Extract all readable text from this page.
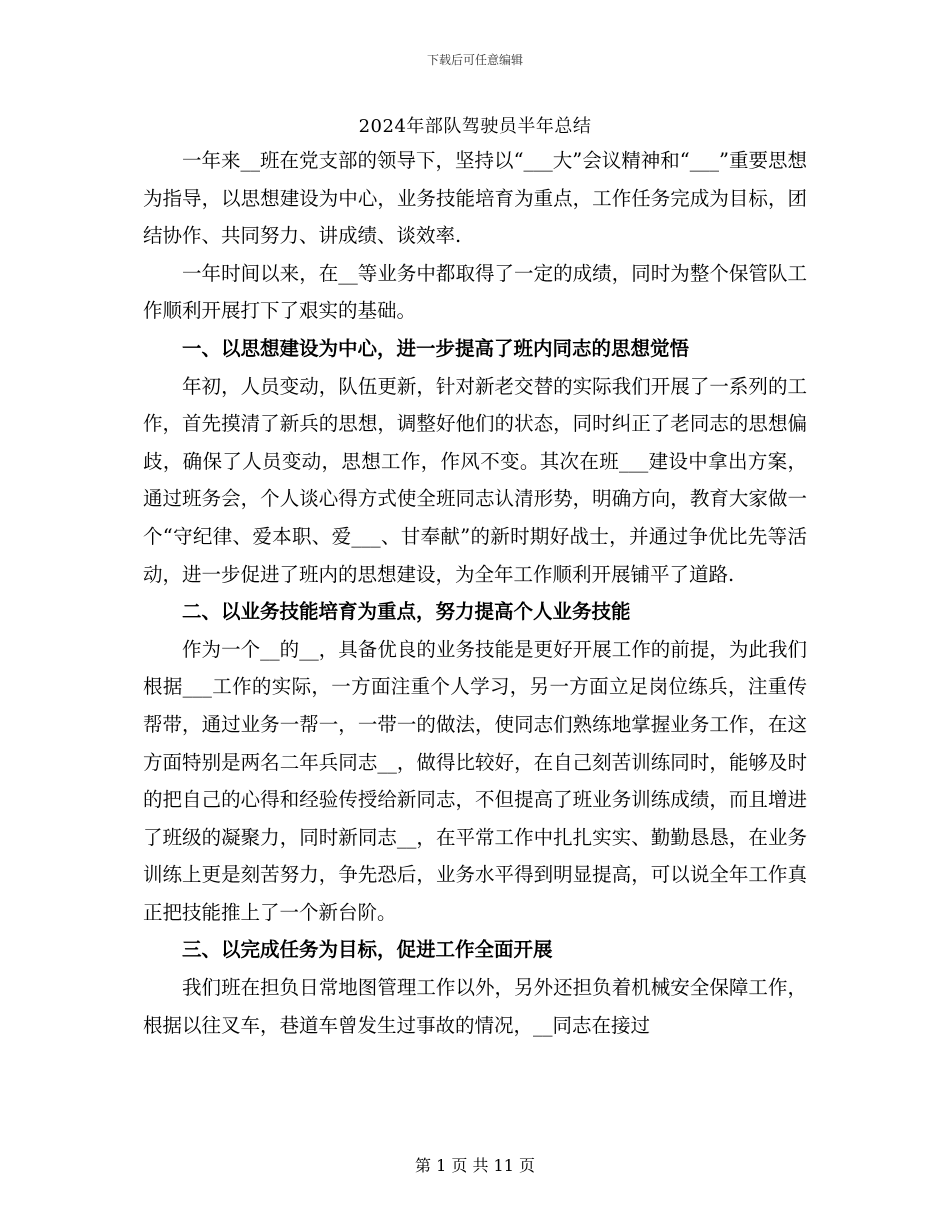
下载后可任意编辑
2024年部队驾驶员半年总结

一年来__班在党支部的领导下，坚持以“___大”会议精神和“___”重要思想为指导，以思想建设为中心，业务技能培育为重点，工作任务完成为目标，团结协作、共同努力、讲成绩、谈效率.

一年时间以来，在__等业务中都取得了一定的成绩，同时为整个保管队工作顺利开展打下了艰实的基础。

一、以思想建设为中心，进一步提高了班内同志的思想觉悟

年初，人员变动，队伍更新，针对新老交替的实际我们开展了一系列的工作，首先摸清了新兵的思想，调整好他们的状态，同时纠正了老同志的思想偏歧，确保了人员变动，思想工作，作风不变。其次在班___建设中拿出方案，通过班务会，个人谈心得方式使全班同志认清形势，明确方向，教育大家做一个“守纪律、爱本职、爱___、甘奉献”的新时期好战士，并通过争优比先等活动，进一步促进了班内的思想建设，为全年工作顺利开展铺平了道路.

二、以业务技能培育为重点，努力提高个人业务技能

作为一个__的__，具备优良的业务技能是更好开展工作的前提，为此我们根据___工作的实际，一方面注重个人学习，另一方面立足岗位练兵，注重传帮带，通过业务一帮一，一带一的做法，使同志们熟练地掌握业务工作，在这方面特别是两名二年兵同志__，做得比较好，在自己刻苦训练同时，能够及时的把自己的心得和经验传授给新同志，不但提高了班业务训练成绩，而且增进了班级的凝聚力，同时新同志__，在平常工作中扎扎实实、勤勤恳恳，在业务训练上更是刻苦努力，争先恐后，业务水平得到明显提高，可以说全年工作真正把技能推上了一个新台阶。

三、以完成任务为目标，促进工作全面开展

我们班在担负日常地图管理工作以外，另外还担负着机械安全保障工作，根据以往叉车，巷道车曾发生过事故的情况，__同志在接过

第 1 页 共 11 页
